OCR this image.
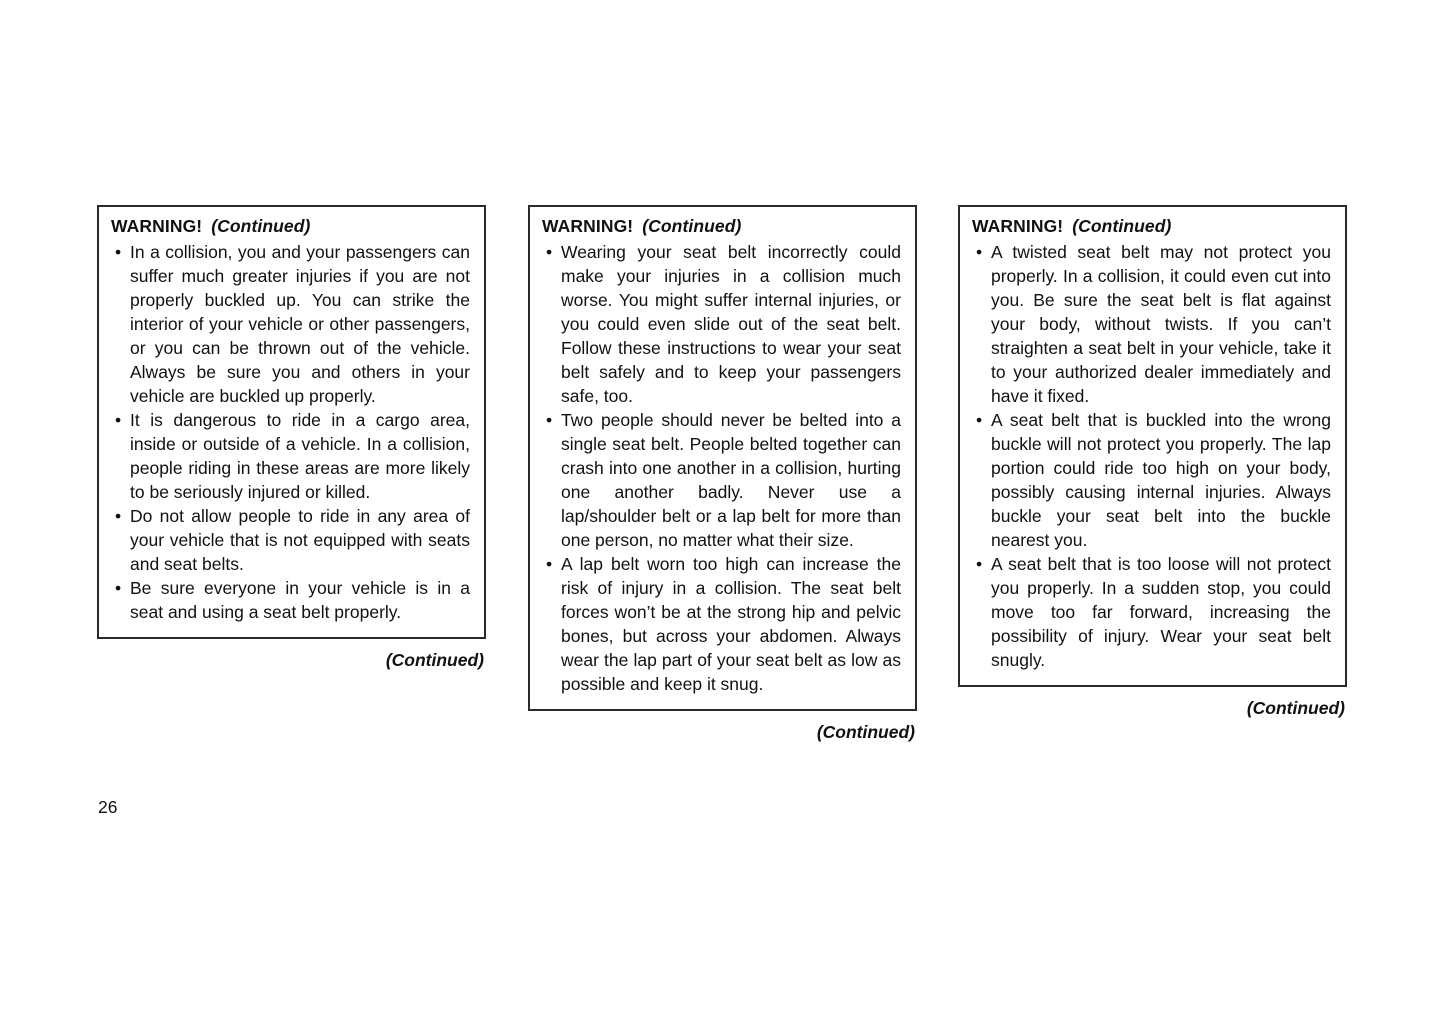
WARNING! (Continued)
• In a collision, you and your passengers can suffer much greater injuries if you are not properly buckled up. You can strike the interior of your vehicle or other passengers, or you can be thrown out of the vehicle. Always be sure you and others in your vehicle are buckled up properly.
• It is dangerous to ride in a cargo area, inside or outside of a vehicle. In a collision, people riding in these areas are more likely to be seriously injured or killed.
• Do not allow people to ride in any area of your vehicle that is not equipped with seats and seat belts.
• Be sure everyone in your vehicle is in a seat and using a seat belt properly.
(Continued)
WARNING! (Continued)
• Wearing your seat belt incorrectly could make your injuries in a collision much worse. You might suffer internal injuries, or you could even slide out of the seat belt. Follow these instructions to wear your seat belt safely and to keep your passengers safe, too.
• Two people should never be belted into a single seat belt. People belted together can crash into one another in a collision, hurting one another badly. Never use a lap/shoulder belt or a lap belt for more than one person, no matter what their size.
• A lap belt worn too high can increase the risk of injury in a collision. The seat belt forces won’t be at the strong hip and pelvic bones, but across your abdomen. Always wear the lap part of your seat belt as low as possible and keep it snug.
(Continued)
WARNING! (Continued)
• A twisted seat belt may not protect you properly. In a collision, it could even cut into you. Be sure the seat belt is flat against your body, without twists. If you can’t straighten a seat belt in your vehicle, take it to your authorized dealer immediately and have it fixed.
• A seat belt that is buckled into the wrong buckle will not protect you properly. The lap portion could ride too high on your body, possibly causing internal injuries. Always buckle your seat belt into the buckle nearest you.
• A seat belt that is too loose will not protect you properly. In a sudden stop, you could move too far forward, increasing the possibility of injury. Wear your seat belt snugly.
(Continued)
26
